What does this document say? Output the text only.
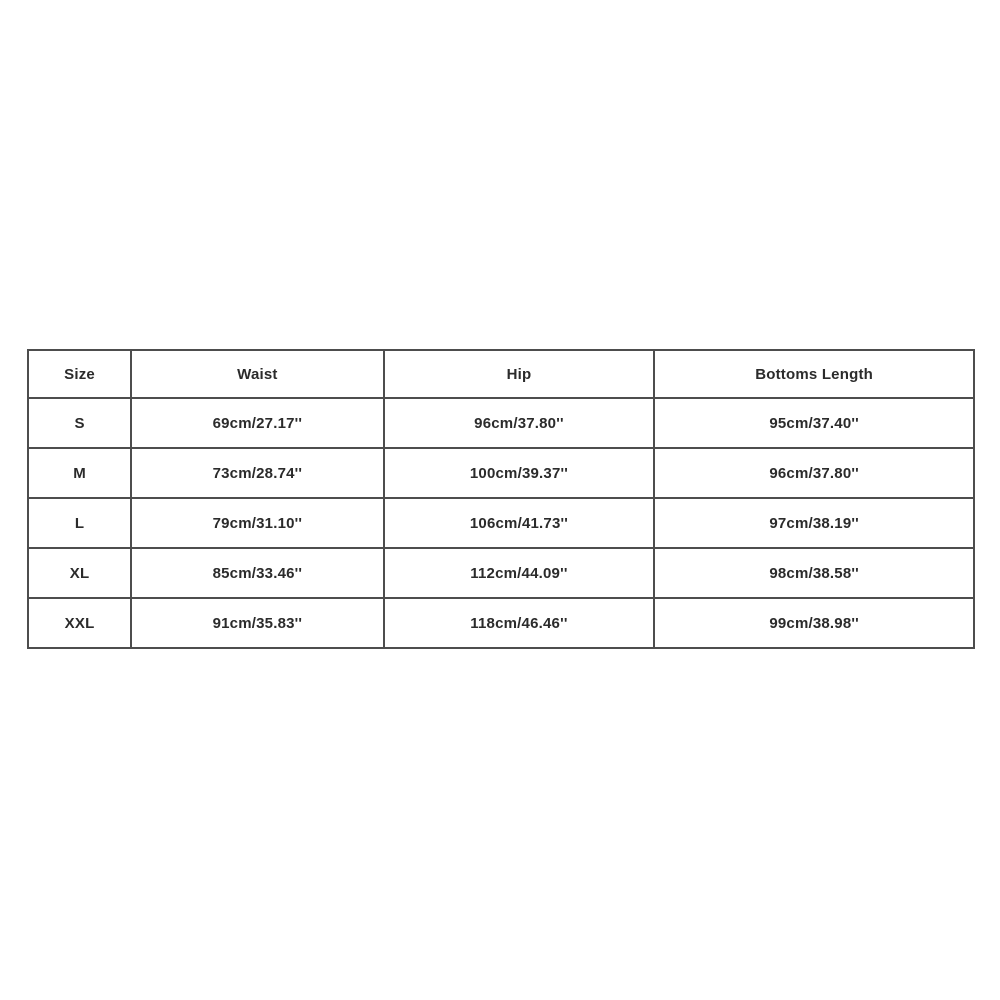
Size	Waist	Hip	Bottoms Length
S	69cm/27.17''	96cm/37.80''	95cm/37.40''
M	73cm/28.74''	100cm/39.37''	96cm/37.80''
L	79cm/31.10''	106cm/41.73''	97cm/38.19''
XL	85cm/33.46''	112cm/44.09''	98cm/38.58''
XXL	91cm/35.83''	118cm/46.46''	99cm/38.98''
